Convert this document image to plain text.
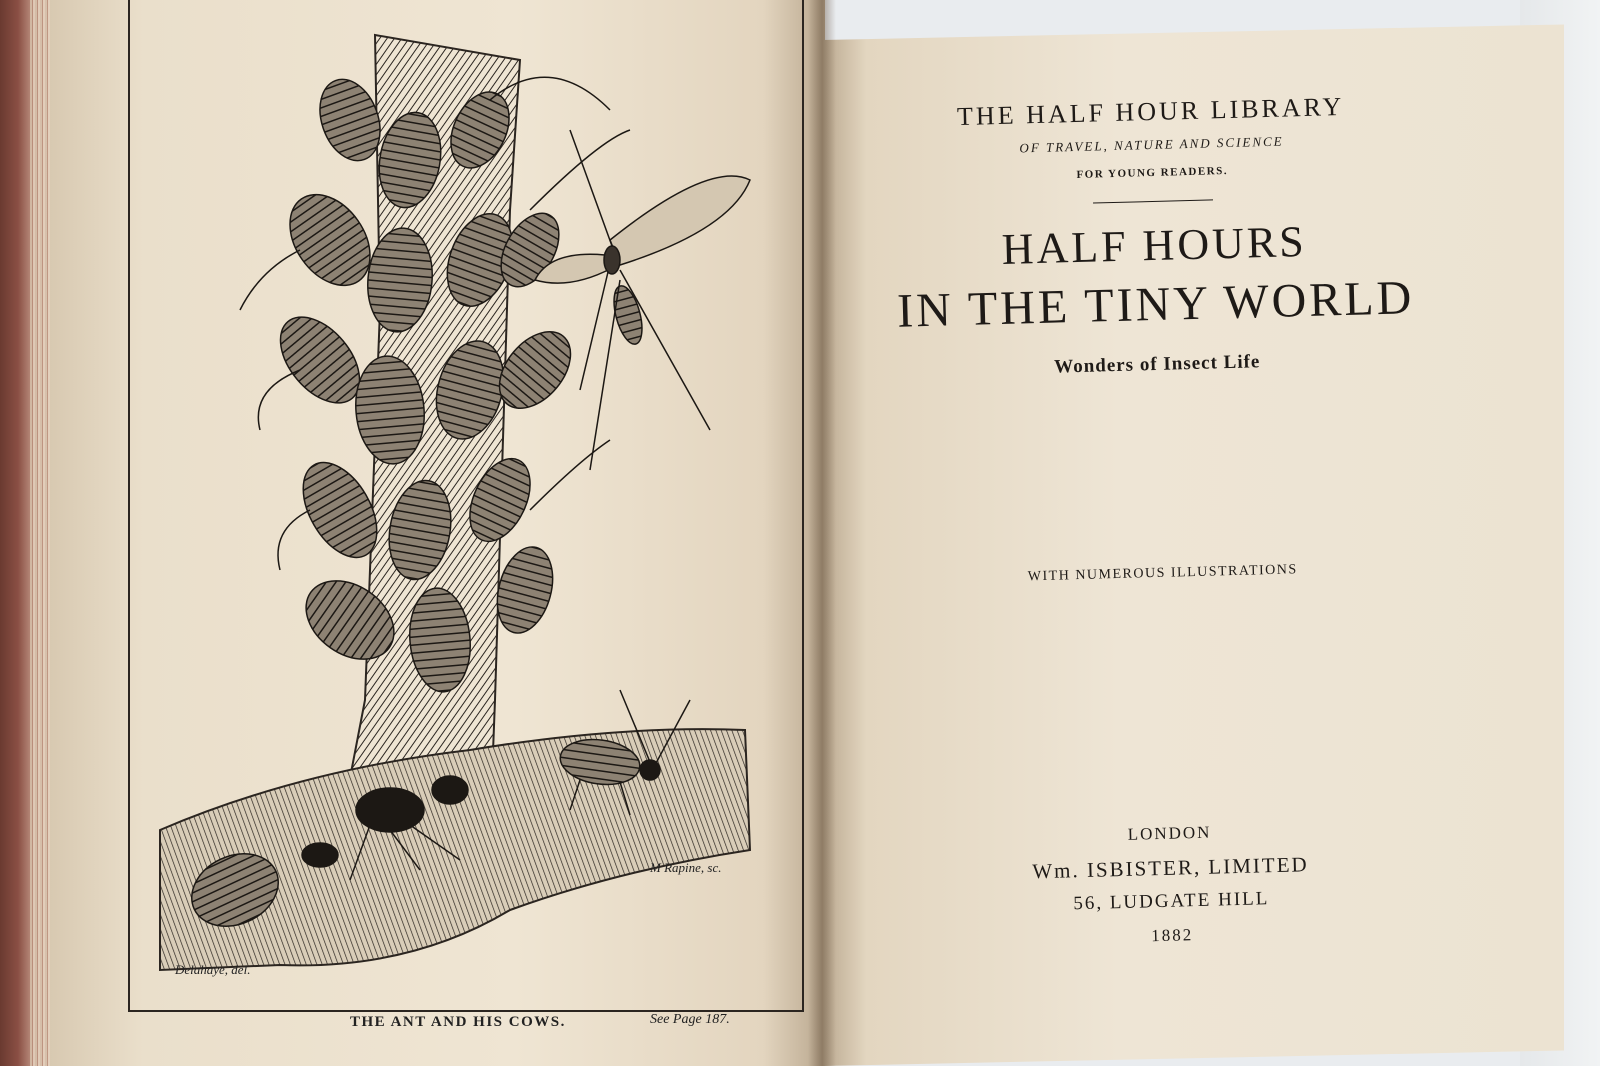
Delahaye, del.
M Rapine, sc.
THE ANT AND HIS COWS.	See Page 187.
THE HALF HOUR LIBRARY
OF TRAVEL, NATURE AND SCIENCE
FOR YOUNG READERS.
HALF HOURS
IN THE TINY WORLD
Wonders of Insect Life
WITH NUMEROUS ILLUSTRATIONS
LONDON
Wm. ISBISTER, LIMITED
56, LUDGATE HILL
1882
